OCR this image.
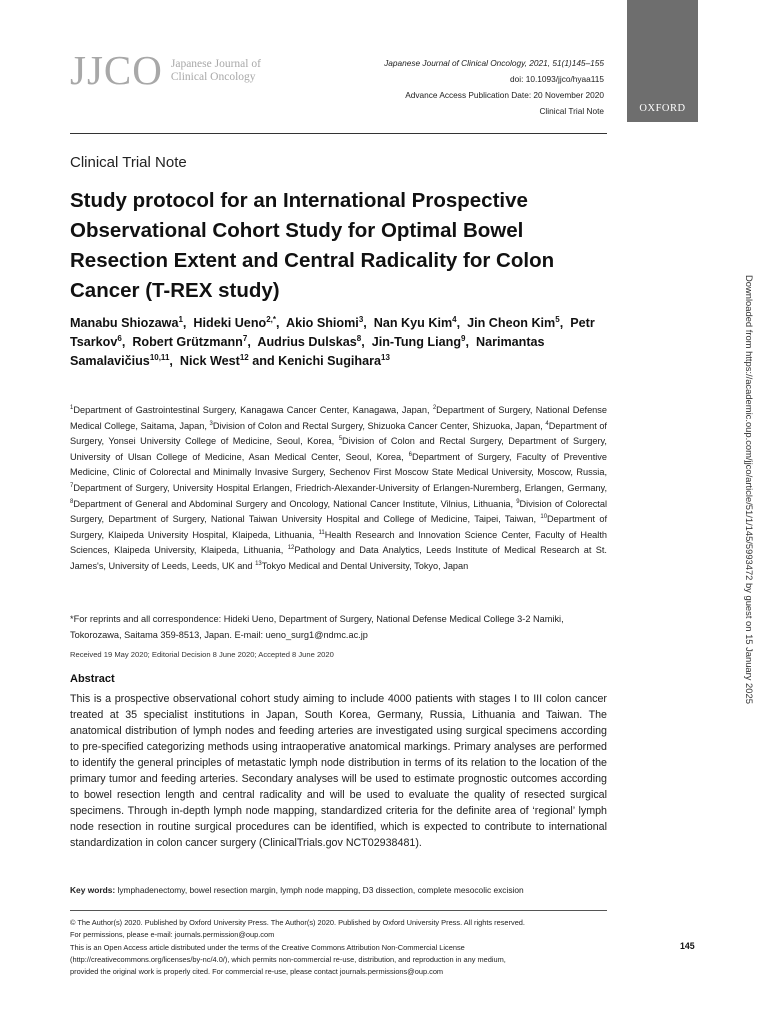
JJCO Japanese Journal of Clinical Oncology
Japanese Journal of Clinical Oncology, 2021, 51(1)145–155
doi: 10.1093/jjco/hyaa115
Advance Access Publication Date: 20 November 2020
Clinical Trial Note	OXFORD
Clinical Trial Note
Study protocol for an International Prospective Observational Cohort Study for Optimal Bowel Resection Extent and Central Radicality for Colon Cancer (T-REX study)
Manabu Shiozawa$^1$,  Hideki Ueno$^{2,*}$,  Akio Shiomi$^3$,  Nan Kyu Kim$^4$,  Jin Cheon Kim$^5$,  Petr Tsarkov$^6$,  Robert Grützmann$^7$,  Audrius Dulskas$^8$,  Jin-Tung Liang$^9$,  Narimantas Samalavičius$^{10,11}$,  Nick West$^{12}$ and Kenichi Sugihara$^{13}$
$^1$Department of Gastrointestinal Surgery, Kanagawa Cancer Center, Kanagawa, Japan, $^2$Department of Surgery, National Defense Medical College, Saitama, Japan, $^3$Division of Colon and Rectal Surgery, Shizuoka Cancer Center, Shizuoka, Japan, $^4$Department of Surgery, Yonsei University College of Medicine, Seoul, Korea, $^5$Division of Colon and Rectal Surgery, Department of Surgery, University of Ulsan College of Medicine, Asan Medical Center, Seoul, Korea, $^6$Department of Surgery, Faculty of Preventive Medicine, Clinic of Colorectal and Minimally Invasive Surgery, Sechenov First Moscow State Medical University, Moscow, Russia, $^7$Department of Surgery, University Hospital Erlangen, Friedrich-Alexander-University of Erlangen-Nuremberg, Erlangen, Germany, $^8$Department of General and Abdominal Surgery and Oncology, National Cancer Institute, Vilnius, Lithuania, $^9$Division of Colorectal Surgery, Department of Surgery, National Taiwan University Hospital and College of Medicine, Taipei, Taiwan, $^{10}$Department of Surgery, Klaipeda University Hospital, Klaipeda, Lithuania, $^{11}$Health Research and Innovation Science Center, Faculty of Health Sciences, Klaipeda University, Klaipeda, Lithuania, $^{12}$Pathology and Data Analytics, Leeds Institute of Medical Research at St. James's, University of Leeds, Leeds, UK and $^{13}$Tokyo Medical and Dental University, Tokyo, Japan
*For reprints and all correspondence: Hideki Ueno, Department of Surgery, National Defense Medical College 3-2 Namiki, Tokorozawa, Saitama 359-8513, Japan. E-mail: ueno_surg1@ndmc.ac.jp
Received 19 May 2020; Editorial Decision 8 June 2020; Accepted 8 June 2020
Abstract
This is a prospective observational cohort study aiming to include 4000 patients with stages I to III colon cancer treated at 35 specialist institutions in Japan, South Korea, Germany, Russia, Lithuania and Taiwan. The anatomical distribution of lymph nodes and feeding arteries are investigated using surgical specimens according to pre-specified categorizing methods using intraoperative anatomical markings. Primary analyses are performed to identify the general principles of metastatic lymph node distribution in terms of its relation to the location of the primary tumor and feeding arteries. Secondary analyses will be used to estimate prognostic outcomes according to bowel resection length and central radicality and will be used to evaluate the quality of resected surgical specimens. Through in-depth lymph node mapping, standardized criteria for the definite area of ‘regional’ lymph node resection in routine surgical procedures can be identified, which is expected to contribute to international standardization in colon cancer surgery (ClinicalTrials.gov NCT02938481).
Key words: lymphadenectomy, bowel resection margin, lymph node mapping, D3 dissection, complete mesocolic excision
© The Author(s) 2020. Published by Oxford University Press. The Author(s) 2020. Published by Oxford University Press. All rights reserved.
For permissions, please e-mail: journals.permission@oup.com
This is an Open Access article distributed under the terms of the Creative Commons Attribution Non-Commercial License
(http://creativecommons.org/licenses/by-nc/4.0/), which permits non-commercial re-use, distribution, and reproduction in any medium,
provided the original work is properly cited. For commercial re-use, please contact journals.permissions@oup.com
145
Downloaded from https://academic.oup.com/jjco/article/51/1/145/5993472 by guest on 15 January 2025
